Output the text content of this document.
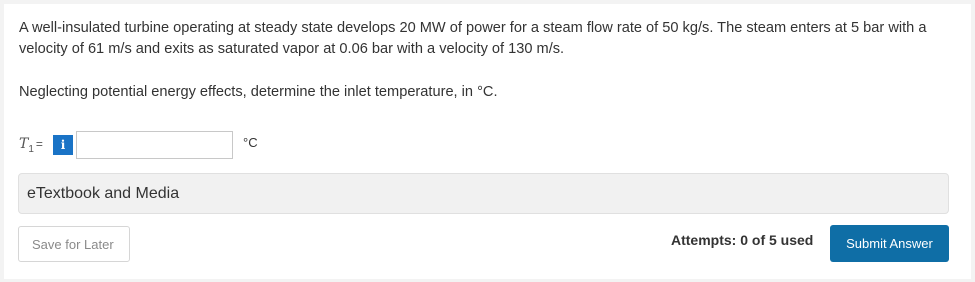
A well-insulated turbine operating at steady state develops 20 MW of power for a steam flow rate of 50 kg/s. The steam enters at 5 bar with a velocity of 61 m/s and exits as saturated vapor at 0.06 bar with a velocity of 130 m/s.

Neglecting potential energy effects, determine the inlet temperature, in °C.

$T_1$ =	i	°C
eTextbook and Media
Save for Later	Attempts: 0 of 5 used	Submit Answer
